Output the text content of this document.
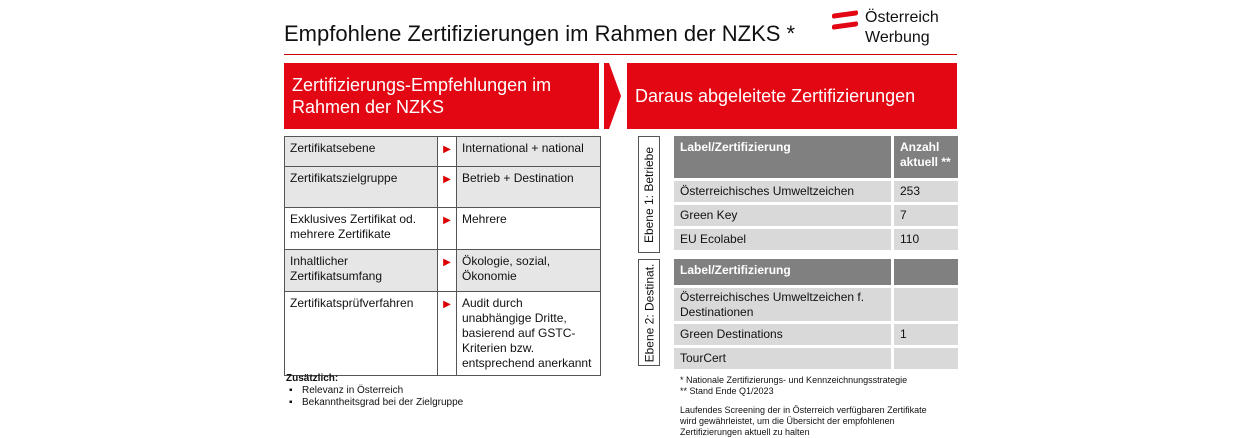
Empfohlene Zertifizierungen im Rahmen der NZKS *
Österreich
Werbung
Zertifizierungs-Empfehlungen im Rahmen der NZKS
Daraus abgeleitete Zertifizierungen
Zertifikatsebene	▶	International + national
Zertifikatszielgruppe	▶	Betrieb + Destination
Exklusives Zertifikat od. mehrere Zertifikate	▶	Mehrere
Inhaltlicher Zertifikatsumfang	▶	Ökologie, sozial, Ökonomie
Zertifikatsprüfverfahren	▶	Audit durch unabhängige Dritte, basierend auf GSTC-Kriterien bzw. entsprechend anerkannt
Zusätzlich:
▪ Relevanz in Österreich
▪ Bekanntheitsgrad bei der Zielgruppe
Ebene 1: Betriebe
Ebene 2: Destinat.
Label/Zertifizierung	Anzahl aktuell **
Österreichisches Umweltzeichen	253
Green Key	7
EU Ecolabel	110
Label/Zertifizierung	
Österreichisches Umweltzeichen f. Destinationen	
Green Destinations	1
TourCert	
* Nationale Zertifizierungs- und Kennzeichnungsstrategie
** Stand Ende Q1/2023
Laufendes Screening der in Österreich verfügbaren Zertifikate wird gewährleistet, um die Übersicht der empfohlenen Zertifizierungen aktuell zu halten
